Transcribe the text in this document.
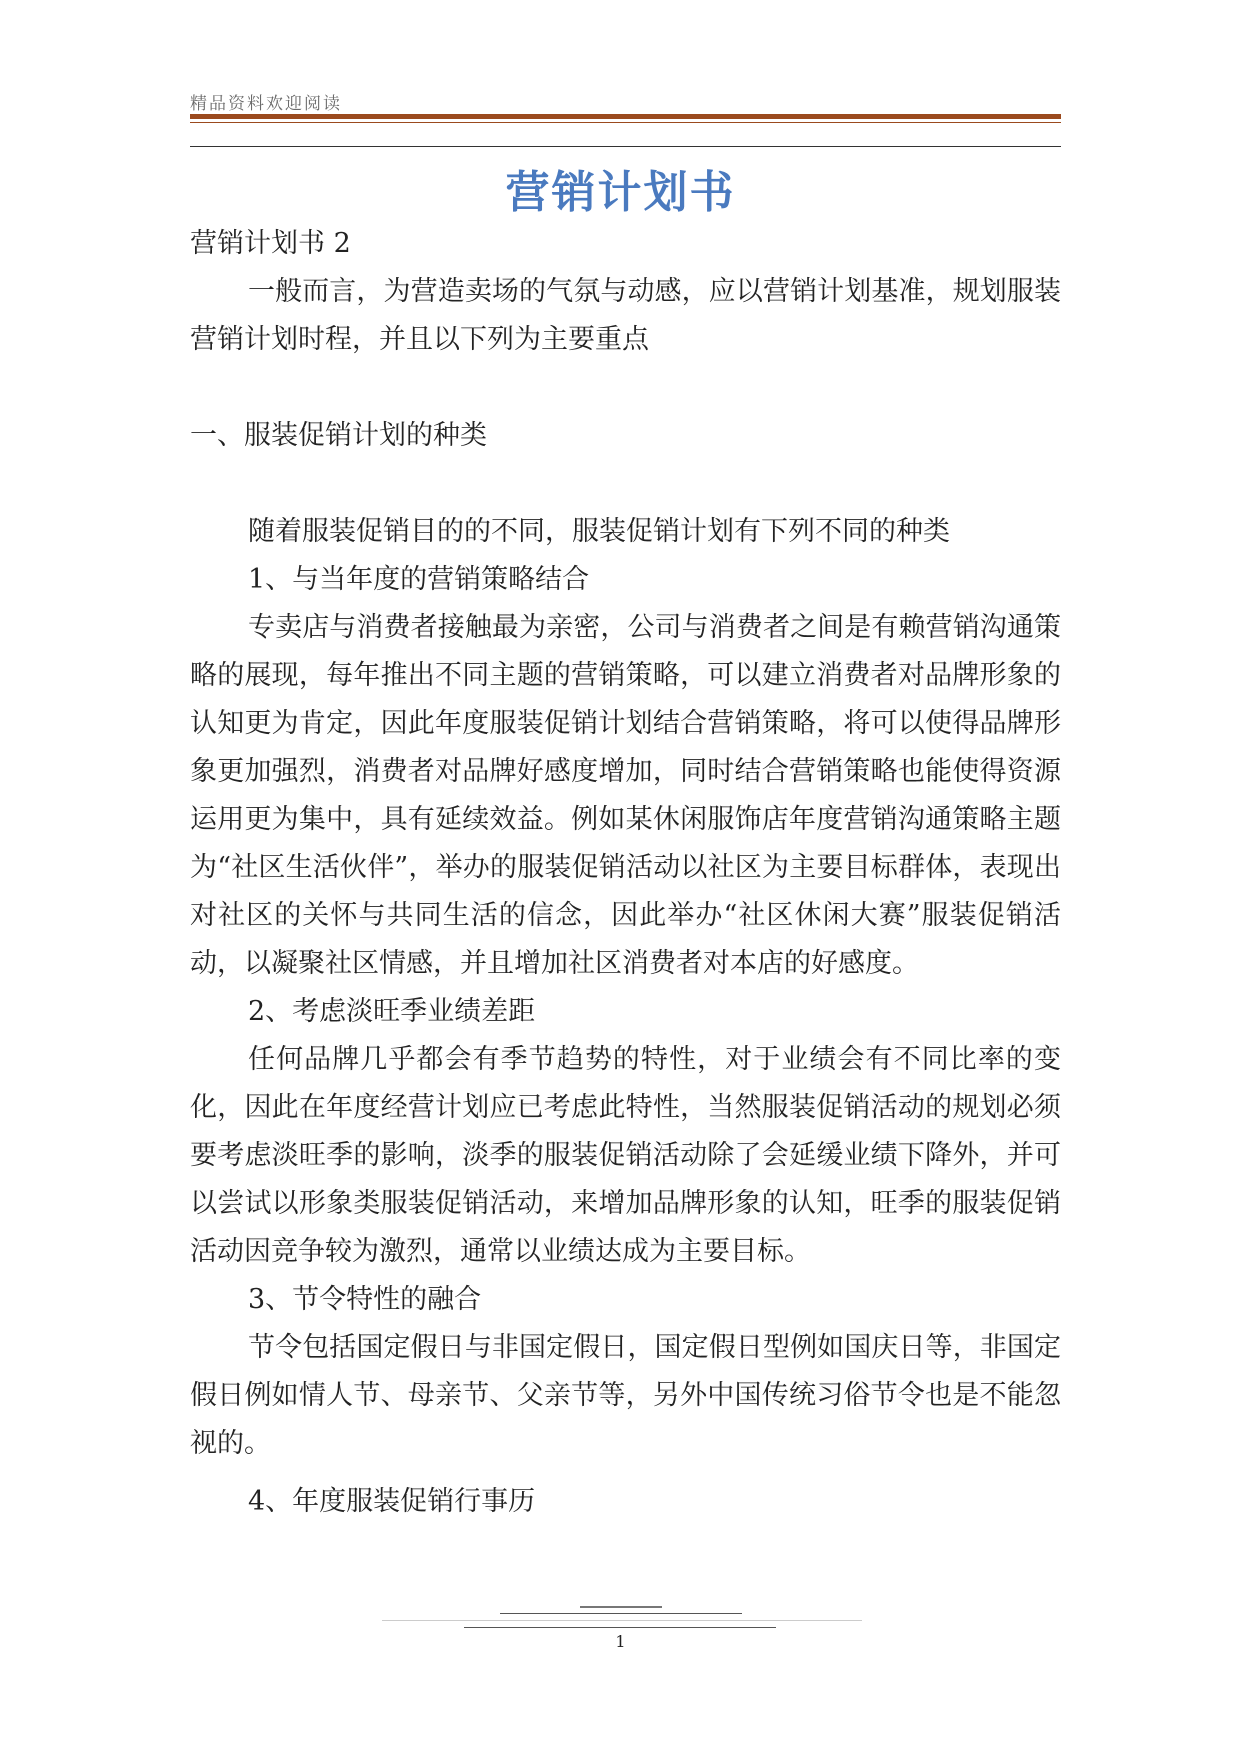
精品资料欢迎阅读
营销计划书

营销计划书 2

一般而言，为营造卖场的气氛与动感，应以营销计划基准，规划服装营销计划时程，并且以下列为主要重点

一、服装促销计划的种类

随着服装促销目的的不同，服装促销计划有下列不同的种类

1、与当年度的营销策略结合

专卖店与消费者接触最为亲密，公司与消费者之间是有赖营销沟通策略的展现，每年推出不同主题的营销策略，可以建立消费者对品牌形象的认知更为肯定，因此年度服装促销计划结合营销策略，将可以使得品牌形象更加强烈，消费者对品牌好感度增加，同时结合营销策略也能使得资源运用更为集中，具有延续效益。例如某休闲服饰店年度营销沟通策略主题为“社区生活伙伴”，举办的服装促销活动以社区为主要目标群体，表现出对社区的关怀与共同生活的信念，因此举办“社区休闲大赛”服装促销活动，以凝聚社区情感，并且增加社区消费者对本店的好感度。

2、考虑淡旺季业绩差距

任何品牌几乎都会有季节趋势的特性，对于业绩会有不同比率的变化，因此在年度经营计划应已考虑此特性，当然服装促销活动的规划必须要考虑淡旺季的影响，淡季的服装促销活动除了会延缓业绩下降外，并可以尝试以形象类服装促销活动，来增加品牌形象的认知，旺季的服装促销活动因竞争较为激烈，通常以业绩达成为主要目标。

3、节令特性的融合

节令包括国定假日与非国定假日，国定假日型例如国庆日等，非国定假日例如情人节、母亲节、父亲节等，另外中国传统习俗节令也是不能忽视的。

4、年度服装促销行事历

1
